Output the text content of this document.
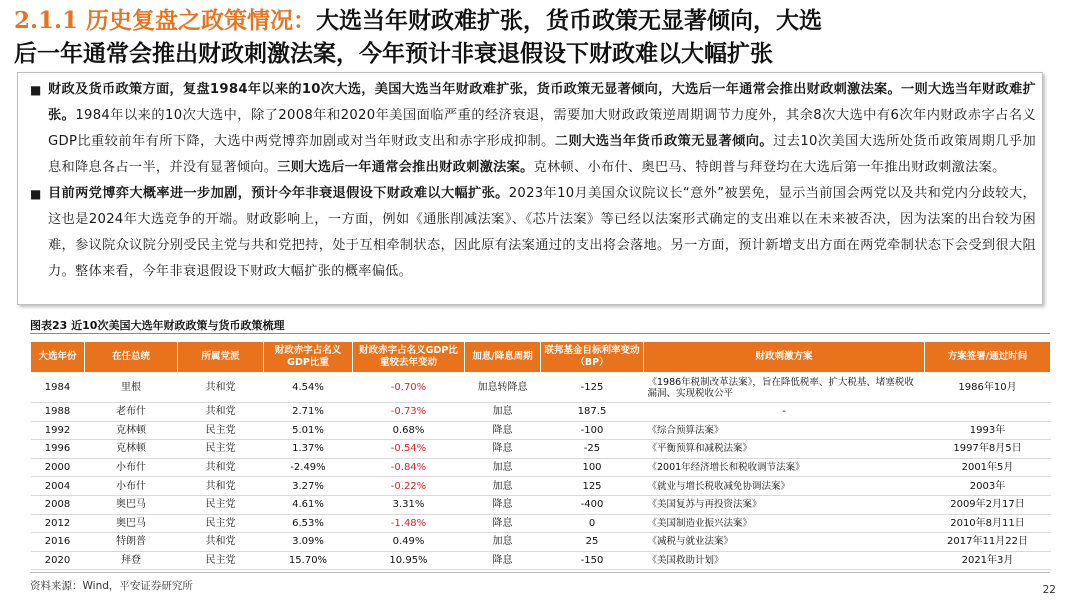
2.1.1 历史复盘之政策情况：大选当年财政难扩张，货币政策无显著倾向，大选
后一年通常会推出财政刺激法案，今年预计非衰退假设下财政难以大幅扩张
■ 财政及货币政策方面，复盘1984年以来的10次大选，美国大选当年财政难扩张，货币政策无显著倾向，大选后一年通常会推出财政刺激法案。一则大选当年财政难扩张。1984年以来的10次大选中，除了2008年和2020年美国面临严重的经济衰退，需要加大财政政策逆周期调节力度外，其余8次大选中有6次年内财政赤字占名义GDP比重较前年有所下降，大选中两党博弈加剧或对当年财政支出和赤字形成抑制。二则大选当年货币政策无显著倾向。过去10次美国大选所处货币政策周期几乎加息和降息各占一半，并没有显著倾向。三则大选后一年通常会推出财政刺激法案。克林顿、小布什、奥巴马、特朗普与拜登均在大选后第一年推出财政刺激法案。
■ 目前两党博弈大概率进一步加剧，预计今年非衰退假设下财政难以大幅扩张。2023年10月美国众议院议长“意外”被罢免，显示当前国会两党以及共和党内分歧较大，这也是2024年大选竞争的开端。财政影响上，一方面，例如《通胀削减法案》、《芯片法案》等已经以法案形式确定的支出难以在未来被否决，因为法案的出台较为困难，参议院众议院分别受民主党与共和党把持，处于互相牵制状态，因此原有法案通过的支出将会落地。另一方面，预计新增支出方面在两党牵制状态下会受到很大阻力。整体来看，今年非衰退假设下财政大幅扩张的概率偏低。
图表23 近10次美国大选年财政政策与货币政策梳理
大选年份	在任总统	所属党派	财政赤字占名义GDP比重	财政赤字占名义GDP比重较去年变动	加息/降息周期	联邦基金目标利率变动（BP）	财政刺激方案	方案签署/通过时间
1984	里根	共和党	4.54%	-0.70%	加息转降息	-125	《1986年税制改革法案》，旨在降低税率、扩大税基、堵塞税收漏洞、实现税收公平	1986年10月
1988	老布什	共和党	2.71%	-0.73%	加息	187.5	-	
1992	克林顿	民主党	5.01%	0.68%	降息	-100	《综合预算法案》	1993年
1996	克林顿	民主党	1.37%	-0.54%	降息	-25	《平衡预算和减税法案》	1997年8月5日
2000	小布什	共和党	-2.49%	-0.84%	加息	100	《2001年经济增长和税收调节法案》	2001年5月
2004	小布什	共和党	3.27%	-0.22%	加息	125	《就业与增长税收减免协调法案》	2003年
2008	奥巴马	民主党	4.61%	3.31%	降息	-400	《美国复苏与再投资法案》	2009年2月17日
2012	奥巴马	民主党	6.53%	-1.48%	降息	0	《美国制造业振兴法案》	2010年8月11日
2016	特朗普	共和党	3.09%	0.49%	加息	25	《减税与就业法案》	2017年11月22日
2020	拜登	民主党	15.70%	10.95%	降息	-150	《美国救助计划》	2021年3月
资料来源：Wind，平安证券研究所	22
